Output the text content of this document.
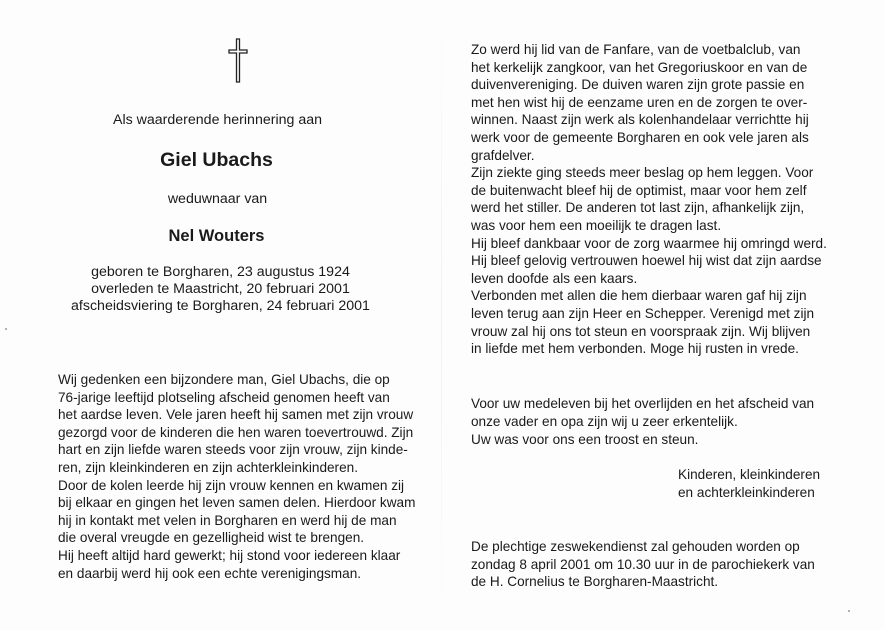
Als waarderende herinnering aan
Giel Ubachs
weduwnaar van
Nel Wouters
geboren te Borgharen, 23 augustus 1924
overleden te Maastricht, 20 februari 2001
afscheidsviering te Borgharen, 24 februari 2001
Wij gedenken een bijzondere man, Giel Ubachs, die op
76-jarige leeftijd plotseling afscheid genomen heeft van
het aardse leven. Vele jaren heeft hij samen met zijn vrouw
gezorgd voor de kinderen die hen waren toevertrouwd. Zijn
hart en zijn liefde waren steeds voor zijn vrouw, zijn kinde-
ren, zijn kleinkinderen en zijn achterkleinkinderen.
Door de kolen leerde hij zijn vrouw kennen en kwamen zij
bij elkaar en gingen het leven samen delen. Hierdoor kwam
hij in kontakt met velen in Borgharen en werd hij de man
die overal vreugde en gezelligheid wist te brengen.
Hij heeft altijd hard gewerkt; hij stond voor iedereen klaar
en daarbij werd hij ook een echte verenigingsman.
Zo werd hij lid van de Fanfare, van de voetbalclub, van
het kerkelijk zangkoor, van het Gregoriuskoor en van de
duivenvereniging. De duiven waren zijn grote passie en
met hen wist hij de eenzame uren en de zorgen te over-
winnen. Naast zijn werk als kolenhandelaar verrichtte hij
werk voor de gemeente Borgharen en ook vele jaren als
grafdelver.
Zijn ziekte ging steeds meer beslag op hem leggen. Voor
de buitenwacht bleef hij de optimist, maar voor hem zelf
werd het stiller. De anderen tot last zijn, afhankelijk zijn,
was voor hem een moeilijk te dragen last.
Hij bleef dankbaar voor de zorg waarmee hij omringd werd.
Hij bleef gelovig vertrouwen hoewel hij wist dat zijn aardse
leven doofde als een kaars.
Verbonden met allen die hem dierbaar waren gaf hij zijn
leven terug aan zijn Heer en Schepper. Verenigd met zijn
vrouw zal hij ons tot steun en voorspraak zijn. Wij blijven
in liefde met hem verbonden. Moge hij rusten in vrede.
Voor uw medeleven bij het overlijden en het afscheid van
onze vader en opa zijn wij u zeer erkentelijk.
Uw was voor ons een troost en steun.
Kinderen, kleinkinderen
en achterkleinkinderen
De plechtige zeswekendienst zal gehouden worden op
zondag 8 april 2001 om 10.30 uur in de parochiekerk van
de H. Cornelius te Borgharen-Maastricht.
